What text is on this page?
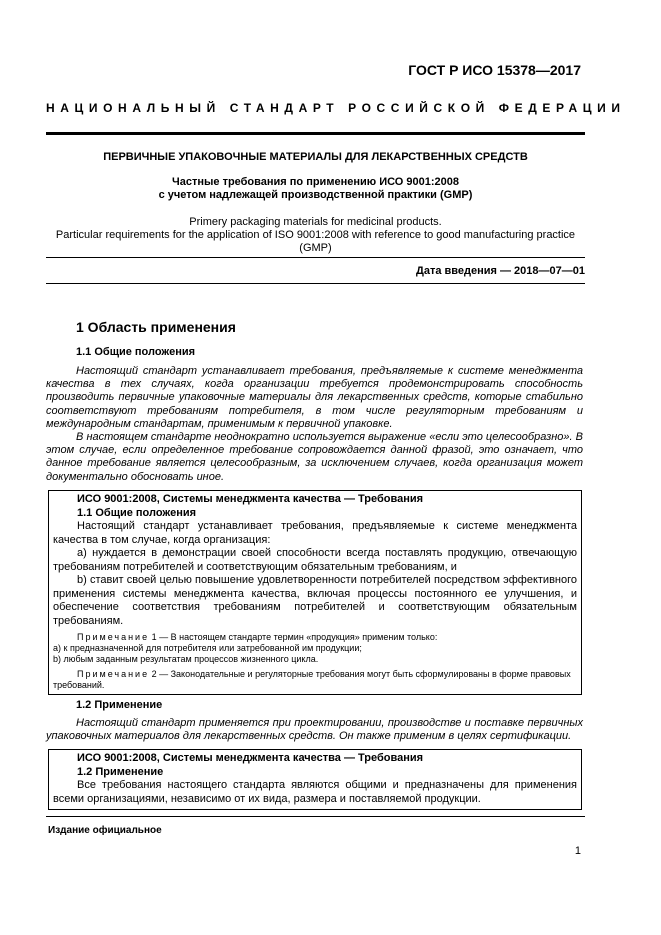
ГОСТ Р ИСО 15378—2017
НАЦИОНАЛЬНЫЙ СТАНДАРТ РОССИЙСКОЙ ФЕДЕРАЦИИ
ПЕРВИЧНЫЕ УПАКОВОЧНЫЕ МАТЕРИАЛЫ ДЛЯ ЛЕКАРСТВЕННЫХ СРЕДСТВ
Частные требования по применению ИСО 9001:2008
с учетом надлежащей производственной практики (GMP)
Primery packaging materials for medicinal products.
Particular requirements for the application of ISO 9001:2008 with reference to good manufacturing practice (GMP)
Дата введения — 2018—07—01
1 Область применения
1.1 Общие положения

Настоящий стандарт устанавливает требования, предъявляемые к системе менеджмента качества в тех случаях, когда организации требуется продемонстрировать способность производить первичные упаковочные материалы для лекарственных средств, которые стабильно соответствуют требованиям потребителя, в том числе регуляторным требованиям и международным стандартам, применимым к первичной упаковке.

В настоящем стандарте неоднократно используется выражение «если это целесообразно». В этом случае, если определенное требование сопровождается данной фразой, это означает, что данное требование является целесообразным, за исключением случаев, когда организация может документально обосновать иное.

ИСО 9001:2008, Системы менеджмента качества — Требования
1.1 Общие положения

Настоящий стандарт устанавливает требования, предъявляемые к системе менеджмента качества в том случае, когда организация:

a) нуждается в демонстрации своей способности всегда поставлять продукцию, отвечающую требованиям потребителей и соответствующим обязательным требованиям, и

b) ставит своей целью повышение удовлетворенности потребителей посредством эффективного применения системы менеджмента качества, включая процессы постоянного ее улучшения, и обеспечение соответствия требованиям потребителей и соответствующим обязательным требованиям.

Примечание 1 — В настоящем стандарте термин «продукция» применим только:

a) к предназначенной для потребителя или затребованной им продукции;

b) любым заданным результатам процессов жизненного цикла.

Примечание 2 — Законодательные и регуляторные требования могут быть сформулированы в форме правовых требований.

1.2 Применение

Настоящий стандарт применяется при проектировании, производстве и поставке первичных упаковочных материалов для лекарственных средств. Он также применим в целях сертификации.

ИСО 9001:2008, Системы менеджмента качества — Требования
1.2 Применение

Все требования настоящего стандарта являются общими и предназначены для применения всеми организациями, независимо от их вида, размера и поставляемой продукции.

Издание официальное
1
